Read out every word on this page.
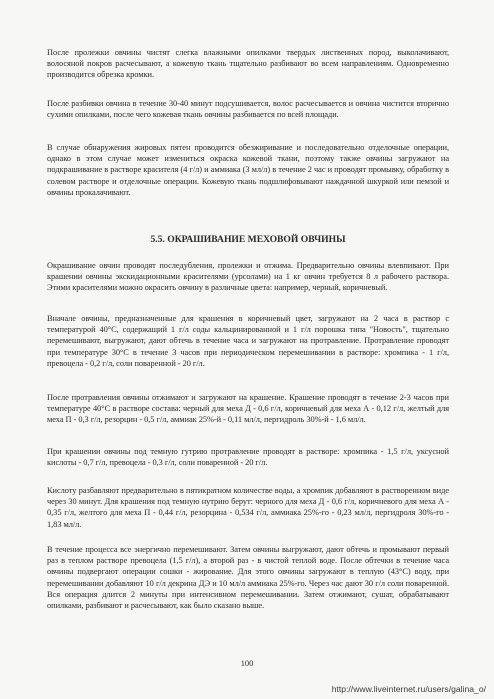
После пролежки овчины чистят слегка влажными опилками твердых лиственных пород, выколачивают, волосяной покров расчесывают, а кожевую ткань тщательно разбивают во всем направлениям. Одновременно производится обрезка кромки.

После разбивки овчина в течение 30-40 минут подсушивается, волос расчесывается и овчина чистится вторично сухими опилками, после чего кожевая ткань овчины разбивается по всей площади.

В случае обнаружения жировых пятен проводится обезжиривание и последовательно отделочные операции, однако в этом случае может измениться окраска кожевой ткани, поэтому также овчины загружают на подкрашивание в растворе красителя (4 г/л) и аммиака (3 мл/л) в течение 2 час и проводят промывку, обработку в солевом растворе и отделочные операции. Кожевую ткань подшлифовывают наждачной шкуркой или пемзой и овчины прокалачивают.

5.5. ОКРАШИВАНИЕ МЕХОВОЙ ОВЧИНЫ

Окрашивание овчин проводят последубления, пролежки и отжима. Предварительно овчины влевпивают. При крашении овчины экскидационными красителями (урсолами) на 1 кг овчин требуется 8 л рабочего раствора. Этими красителями можно окрасить овчину в различные цвета: например, черный, коричневый.

Вначале овчины, предназначенные для крашения в коричневый цвет, загружают на 2 часа в раствор с температурой 40°С, содержащий 1 г/л соды кальцинированной и 1 г/л порошка типа "Новость", тщательно перемешивают, выгружают, дают обтечь в течение часа и загружают на протравление. Протравление проводят при температуре 30°С в течение 3 часов при периодическом перемешивании в растворе: хромпика - 1 г/л, превоцела - 0,2 г/л, соли поваренной - 20 г/л.

После протравления овчины отжимают и загружают на крашение. Крашение проводят в течение 2-3 часов при температуре 40°С в растворе состава: черный для меха Д - 0,6 г/л, коричневый для меха А - 0,12 г/л, желтый для меха П - 0,3 г/л, резорцин - 0,5 г/л, аммиак 25%-й - 0,11 мл/л, пергидроль 30%-й - 1,6 мл/л.

При крашении овчины под темную гутрию протравление проводят в растворе: хромпика - 1,5 г/л, уксусной кислоты - 0,7 г/л, превоцела - 0,3 г/л, соли поваренной - 20 г/л.

Кислоту разбавляют предварительно в пятикратном количестве воды, а хромпик добавляют в растворенном виде через 30 минут. Для крашения под темную нутрию берут: черного для меха Д - 0,6 г/л, коричневого для меха А - 0,35 г/л, желтого для меха П - 0,44 г/л, резорцина - 0,534 г/л, аммиака 25%-го - 0,23 мл/л, пергидроля 30%-го - 1,83 мл/л.

В течение процесса все энергично перемешивают. Затем овчины выгружают, дают обтечь и промывают первый раз в теплом растворе превоцела (1,5 г/л), а второй раз - в чистой теплой воде. После обтечки в течение часа овчины подвергают операции сошки - жирование. Для этого овчины загружают в теплую (43°С) воду, при перемешивании добавляют 10 г/л декрина ДЭ и 10 мл/л аммиака 25%-го. Через час дают 30 г/л соли поваренной. Вся операция длится 2 минуты при интенсивном перемешивании. Затем отжимают, сушат, обрабатывают опилками, разбивают и расчесывают, как было сказано выше.

100
http://www.liveinternet.ru/users/galina_o/
